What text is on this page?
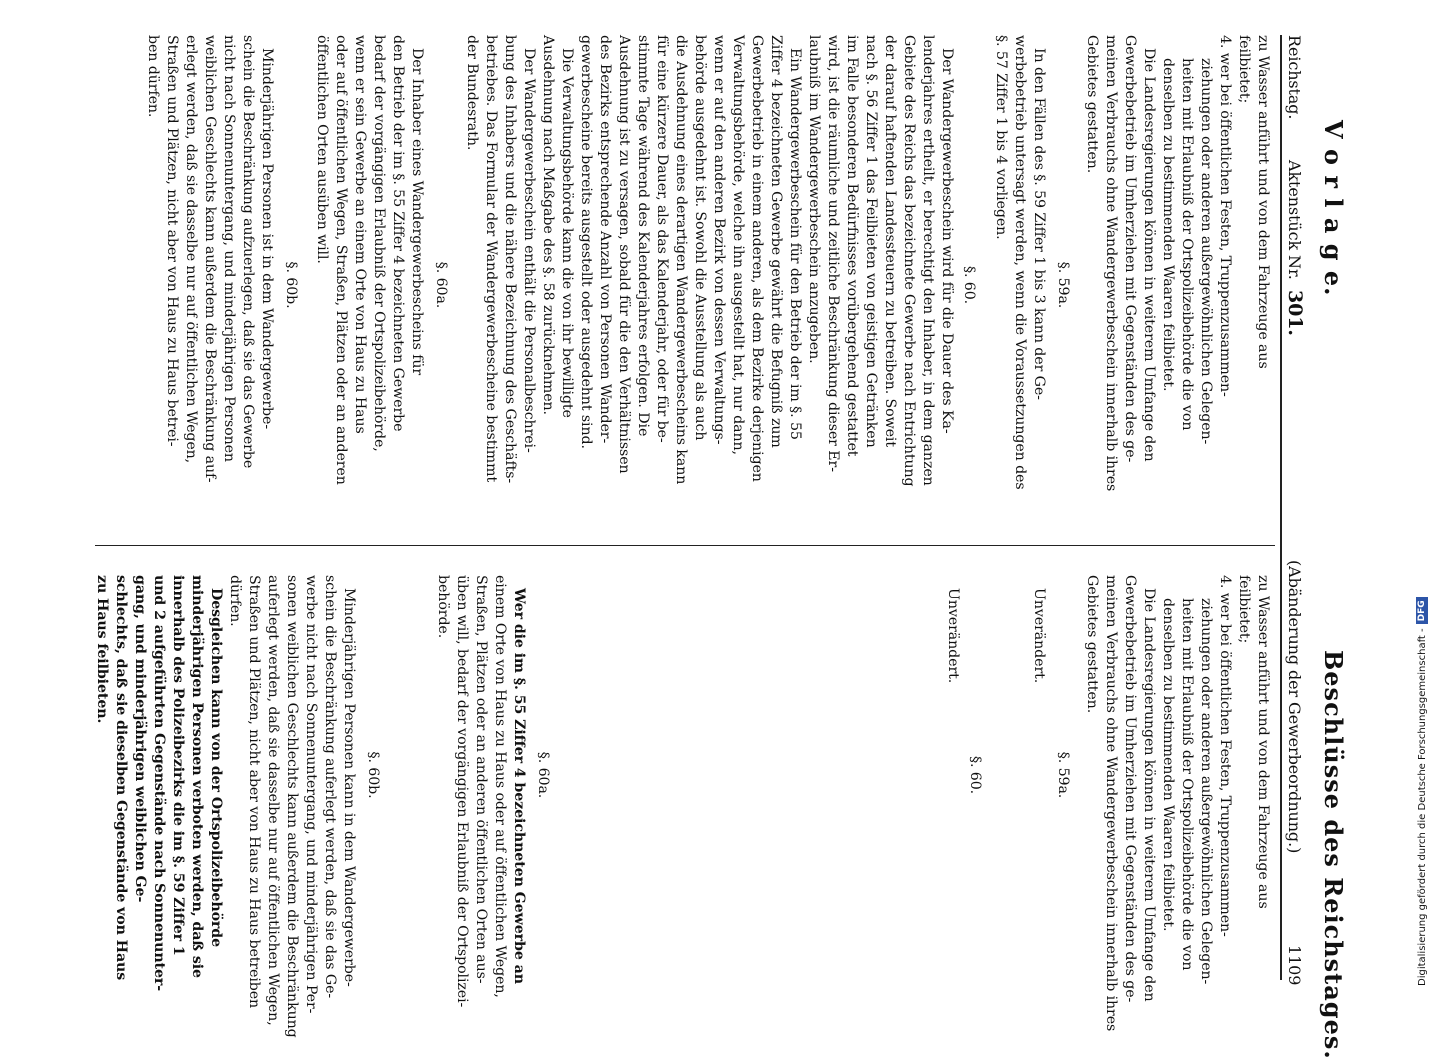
Reichstag.
Aktenstück Nr.
301.
(Abänderung der Gewerbeordnung.)
1109
V o r l a g e.
Beschlüsse des Reichstages.
zu Wasser anführt und von dem Fahrzeuge aus
feilbietet;
4. wer bei öffentlichen Festen, Truppenzusammen-
ziehungen oder anderen außergewöhnlichen Gelegen-
heiten mit Erlaubniß der Ortspolizeibehörde die von
denselben zu bestimmenden Waaren feilbietet.
Die Landesregierungen können in weiterem Umfange den
Gewerbebetrieb im Umherziehen mit Gegenständen des ge-
meinen Verbrauchs ohne Wandergewerbeschein innerhalb ihres
Gebietes gestatten.
§. 59a.
In den Fällen des §. 59 Ziffer 1 bis 3 kann der Ge-
werbebetrieb untersagt werden, wenn die Voraussetzungen des
§. 57 Ziffer 1 bis 4 vorliegen.
§. 60.
Der Wandergewerbeschein wird für die Dauer des Ka-
lenderjahres ertheilt, er berechtigt den Inhaber, in dem ganzen
Gebiete des Reichs das bezeichnete Gewerbe nach Entrichtung
der darauf haftenden Landessteuern zu betreiben. Soweit
nach §. 56 Ziffer 1 das Feilbieten von geistigen Getränken
im Falle besonderen Bedürfnisses vorübergehend gestattet
wird, ist die räumliche und zeitliche Beschränkung dieser Er-
laubniß im Wandergewerbeschein anzugeben.
Ein Wandergewerbeschein für den Betrieb der im §. 55
Ziffer 4 bezeichneten Gewerbe gewährt die Befugniß zum
Gewerbebetrieb in einem anderen, als dem Bezirke derjenigen
Verwaltungsbehörde, welche ihn ausgestellt hat, nur dann,
wenn er auf den anderen Bezirk von dessen Verwaltungs-
behörde ausgedehnt ist. Sowohl die Ausstellung als auch
die Ausdehnung eines derartigen Wandergewerbescheins kann
für eine kürzere Dauer, als das Kalenderjahr, oder für be-
stimmte Tage während des Kalenderjahres erfolgen. Die
Ausdehnung ist zu versagen, sobald für die den Verhältnissen
des Bezirks entsprechende Anzahl von Personen Wander-
gewerbescheine bereits ausgestellt oder ausgedehnt sind.
Die Verwaltungsbehörde kann die von ihr bewilligte
Ausdehnung nach Maßgabe des §. 58 zurücknehmen.
Der Wandergewerbeschein enthält die Personalbeschrei-
bung des Inhabers und die nähere Bezeichnung des Geschäfts-
betriebes. Das Formular der Wandergewerbescheine bestimmt
der Bundesrath.
§. 60a.
Der Inhaber eines Wandergewerbescheins für
den Betrieb der im §. 55 Ziffer 4 bezeichneten Gewerbe
bedarf der vorgängigen Erlaubniß der Ortspolizeibehörde,
wenn er sein Gewerbe an einem Orte von Haus zu Haus
oder auf öffentlichen Wegen, Straßen, Plätzen oder an anderen
öffentlichen Orten ausüben will.
§. 60b.
Minderjährigen Personen ist in dem Wandergewerbe-
schein die Beschränkung aufzuerlegen, daß sie das Gewerbe
nicht nach Sonnenuntergang, und minderjährigen Personen
weiblichen Geschlechts kann außerdem die Beschränkung auf-
erlegt werden, daß sie dasselbe nur auf öffentlichen Wegen,
Straßen und Plätzen, nicht aber von Haus zu Haus betrei-
ben dürfen.
zu Wasser anführt und von dem Fahrzeuge aus
feilbietet;
4. wer bei öffentlichen Festen, Truppenzusammen-
ziehungen oder anderen außergewöhnlichen Gelegen-
heiten mit Erlaubniß der Ortspolizeibehörde die von
denselben zu bestimmenden Waaren feilbietet.
Die Landesregierungen können in weiterem Umfange den
Gewerbebetrieb im Umherziehen mit Gegenständen des ge-
meinen Verbrauchs ohne Wandergewerbeschein innerhalb ihres
Gebietes gestatten.
§. 59a.
Unverändert.
§. 60.
Unverändert.
§. 60a.
Wer die im §. 55 Ziffer 4 bezeichneten Gewerbe an
einem Orte von Haus zu Haus oder auf öffentlichen Wegen,
Straßen, Plätzen oder an anderen öffentlichen Orten aus-
üben will, bedarf der vorgängigen Erlaubniß der Ortspolizei-
behörde.
§. 60b.
Minderjährigen Personen kann in dem Wandergewerbe-
schein die Beschränkung auferlegt werden, daß sie das Ge-
werbe nicht nach Sonnenuntergang, und minderjährigen Per-
sonen weiblichen Geschlechts kann außerdem die Beschränkung
auferlegt werden, daß sie dasselbe nur auf öffentlichen Wegen,
Straßen und Plätzen, nicht aber von Haus zu Haus betreiben
dürfen.
Desgleichen kann von der Ortspolizeibehörde
minderjährigen Personen verboten werden, daß sie
innerhalb des Polizeibezirks die im §. 59 Ziffer 1
und 2 aufgeführten Gegenstände nach Sonnenunter-
gang, und minderjährigen weiblichen Ge-
schlechts, daß sie dieselben Gegenstände von Haus
zu Haus feilbieten.	Digitalisierung gefördert durch die Deutsche Forschungsgemeinschaft -DFG
